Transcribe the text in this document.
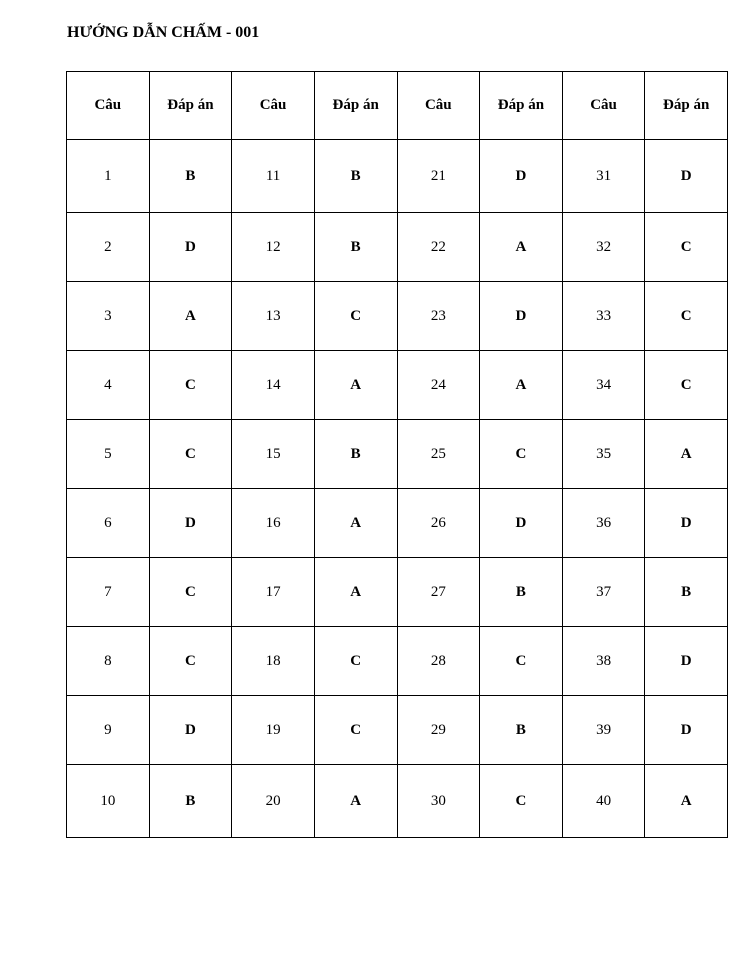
HƯỚNG DẪN CHẤM - 001
Câu	Đáp án	Câu	Đáp án	Câu	Đáp án	Câu	Đáp án
1	B	11	B	21	D	31	D
2	D	12	B	22	A	32	C
3	A	13	C	23	D	33	C
4	C	14	A	24	A	34	C
5	C	15	B	25	C	35	A
6	D	16	A	26	D	36	D
7	C	17	A	27	B	37	B
8	C	18	C	28	C	38	D
9	D	19	C	29	B	39	D
10	B	20	A	30	C	40	A
